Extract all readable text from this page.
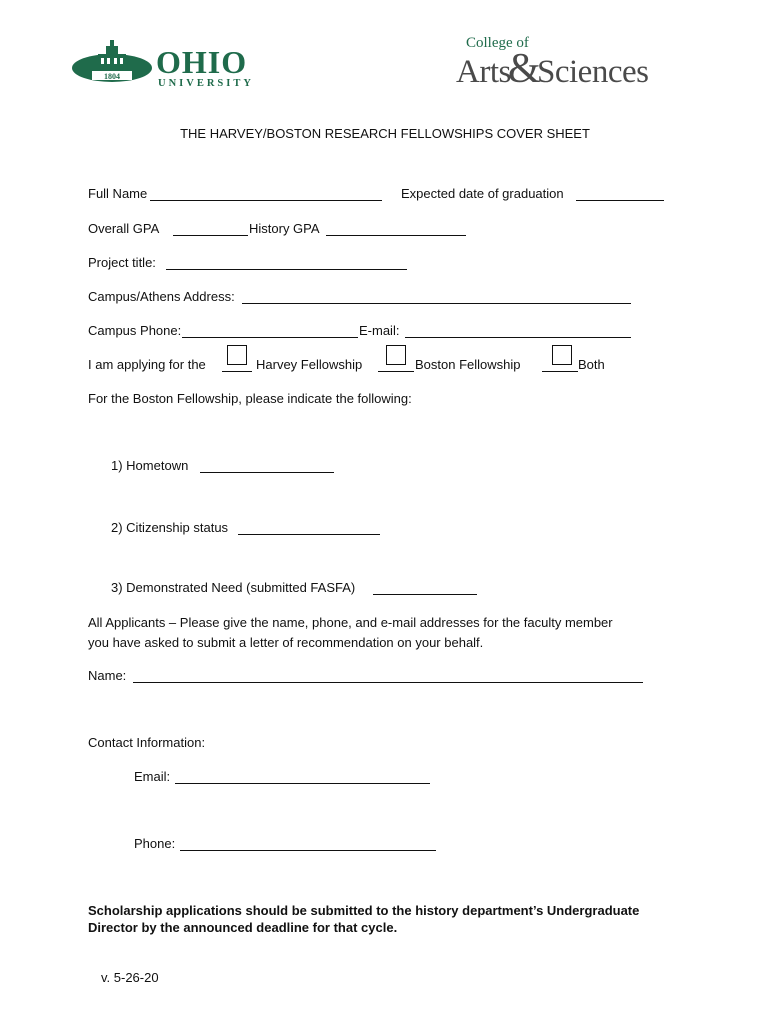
1804 OHIO
UNIVERSITY
College of
Arts&Sciences
THE HARVEY/BOSTON RESEARCH FELLOWSHIPS COVER SHEET
Full Name	Expected date of graduation
Overall GPA	History GPA
Project title:
Campus/Athens Address:
Campus Phone:	E-mail:
I am applying for the	Harvey Fellowship	Boston Fellowship	Both
For the Boston Fellowship, please indicate the following:
1) Hometown
2) Citizenship status
3) Demonstrated Need (submitted FASFA)
All Applicants – Please give the name, phone, and e-mail addresses for the faculty member
you have asked to submit a letter of recommendation on your behalf.
Name:
Contact Information:
Email:
Phone:
Scholarship applications should be submitted to the history department’s Undergraduate
Director by the announced deadline for that cycle.
v. 5-26-20
